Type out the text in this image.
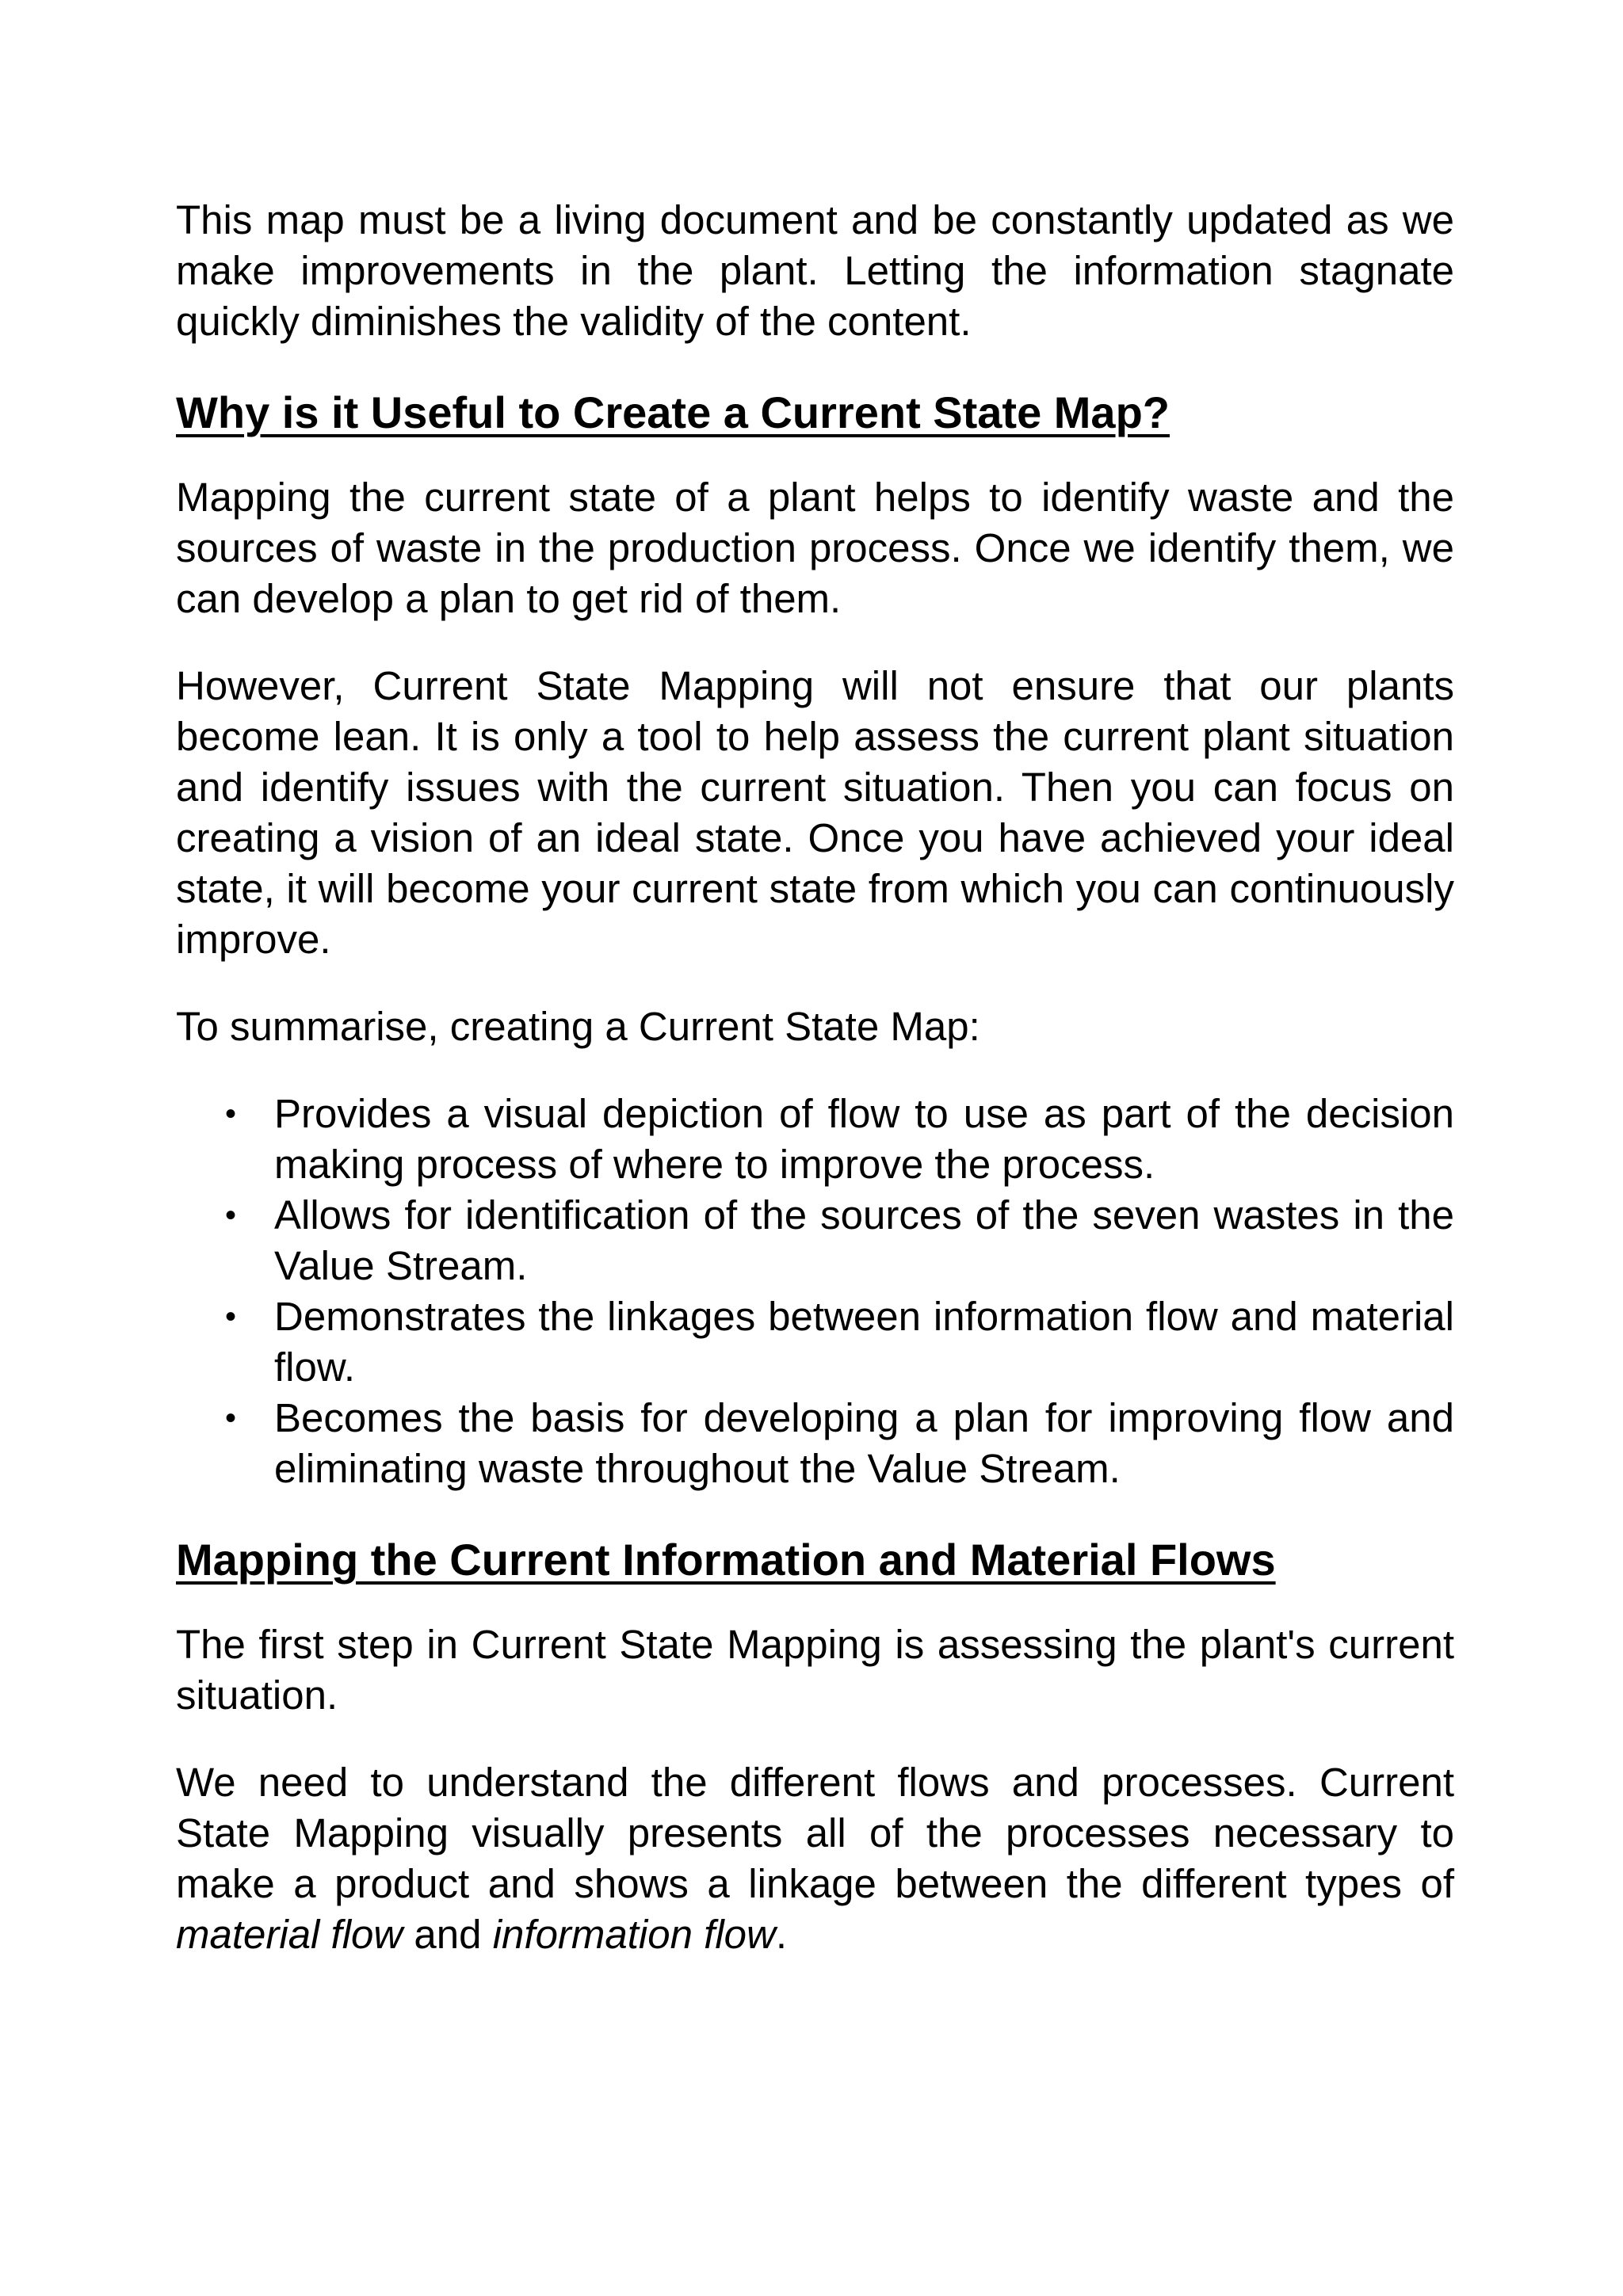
This map must be a living document and be constantly updated as we make improvements in the plant. Letting the information stagnate quickly diminishes the validity of the content.

Why is it Useful to Create a Current State Map?

Mapping the current state of a plant helps to identify waste and the sources of waste in the production process. Once we identify them, we can develop a plan to get rid of them.

However, Current State Mapping will not ensure that our plants become lean. It is only a tool to help assess the current plant situation and identify issues with the current situation. Then you can focus on creating a vision of an ideal state. Once you have achieved your ideal state, it will become your current state from which you can continuously improve.

To summarise, creating a Current State Map:

• Provides a visual depiction of flow to use as part of the decision making process of where to improve the process.
• Allows for identification of the sources of the seven wastes in the Value Stream.
• Demonstrates the linkages between information flow and material flow.
• Becomes the basis for developing a plan for improving flow and eliminating waste throughout the Value Stream.
Mapping the Current Information and Material Flows

The first step in Current State Mapping is assessing the plant's current situation.

We need to understand the different flows and processes. Current State Mapping visually presents all of the processes necessary to make a product and shows a linkage between the different types of material flow and information flow.
